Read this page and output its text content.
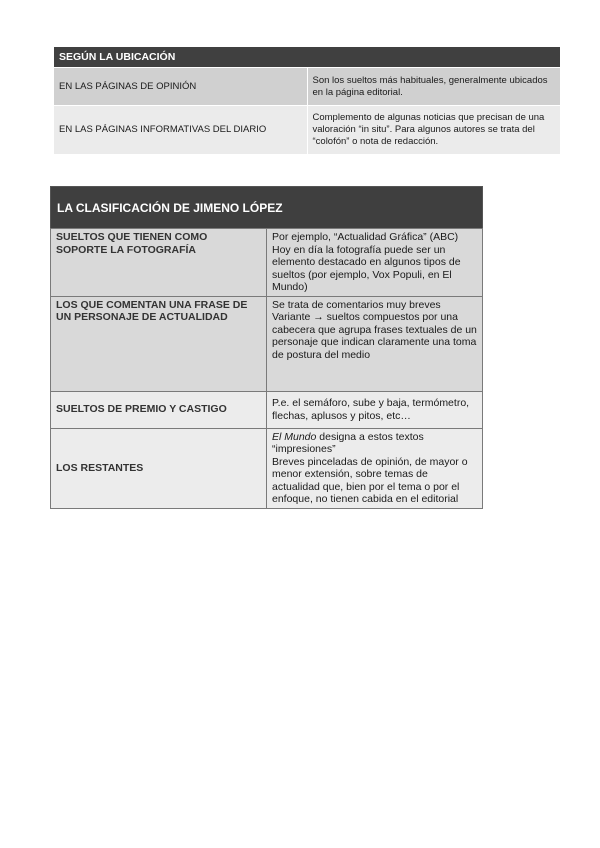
SEGÚN LA UBICACIÓN	
EN LAS PÁGINAS DE OPINIÓN	Son los sueltos más habituales, generalmente ubicados en la página editorial.
EN LAS PÁGINAS INFORMATIVAS DEL DIARIO	Complemento de algunas noticias que precisan de una valoración “in situ”. Para algunos autores se trata del “colofón” o nota de redacción.
LA CLASIFICACIÓN DE JIMENO LÓPEZ	
SUELTOS QUE TIENEN COMO SOPORTE LA FOTOGRAFÍA	Por ejemplo, “Actualidad Gráfica” (ABC)
Hoy en día la fotografía puede ser un elemento destacado en algunos tipos de sueltos (por ejemplo, Vox Populi, en El Mundo)

LOS QUE COMENTAN UNA FRASE DE UN PERSONAJE DE ACTUALIDAD	Se trata de comentarios muy breves
Variante → sueltos compuestos por una cabecera que agrupa frases textuales de un personaje que indican claramente una toma de postura del medio

SUELTOS DE PREMIO Y CASTIGO	P.e. el semáforo, sube y baja, termómetro, flechas, aplusos y pitos, etc…
LOS RESTANTES	El Mundo designa a estos textos “impresiones”
Breves pinceladas de opinión, de mayor o menor extensión, sobre temas de actualidad que, bien por el tema o por el enfoque, no tienen cabida en el editorial
